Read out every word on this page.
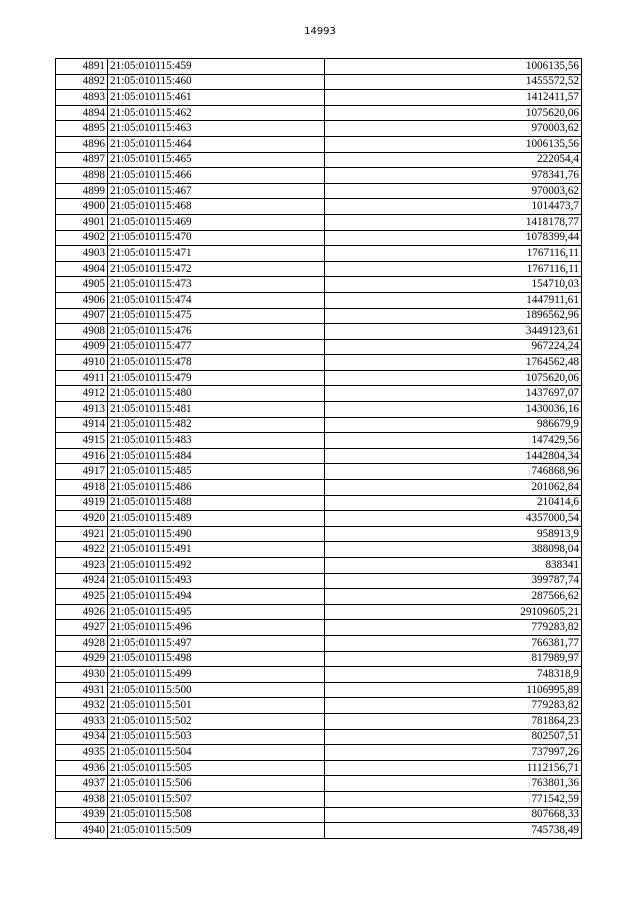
14993
4891	21:05:010115:459	1006135,56
4892	21:05:010115:460	1455572,52
4893	21:05:010115:461	1412411,57
4894	21:05:010115:462	1075620,06
4895	21:05:010115:463	970003,62
4896	21:05:010115:464	1006135,56
4897	21:05:010115:465	222054,4
4898	21:05:010115:466	978341,76
4899	21:05:010115:467	970003,62
4900	21:05:010115:468	1014473,7
4901	21:05:010115:469	1418178,77
4902	21:05:010115:470	1078399,44
4903	21:05:010115:471	1767116,11
4904	21:05:010115:472	1767116,11
4905	21:05:010115:473	154710,03
4906	21:05:010115:474	1447911,61
4907	21:05:010115:475	1896562,96
4908	21:05:010115:476	3449123,61
4909	21:05:010115:477	967224,24
4910	21:05:010115:478	1764562,48
4911	21:05:010115:479	1075620,06
4912	21:05:010115:480	1437697,07
4913	21:05:010115:481	1430036,16
4914	21:05:010115:482	986679,9
4915	21:05:010115:483	147429,56
4916	21:05:010115:484	1442804,34
4917	21:05:010115:485	746868,96
4918	21:05:010115:486	201062,84
4919	21:05:010115:488	210414,6
4920	21:05:010115:489	4357000,54
4921	21:05:010115:490	958913,9
4922	21:05:010115:491	388098,04
4923	21:05:010115:492	838341
4924	21:05:010115:493	399787,74
4925	21:05:010115:494	287566,62
4926	21:05:010115:495	29109605,21
4927	21:05:010115:496	779283,82
4928	21:05:010115:497	766381,77
4929	21:05:010115:498	817989,97
4930	21:05:010115:499	748318,9
4931	21:05:010115:500	1106995,89
4932	21:05:010115:501	779283,82
4933	21:05:010115:502	781864,23
4934	21:05:010115:503	802507,51
4935	21:05:010115:504	737997,26
4936	21:05:010115:505	1112156,71
4937	21:05:010115:506	763801,36
4938	21:05:010115:507	771542,59
4939	21:05:010115:508	807668,33
4940	21:05:010115:509	745738,49
